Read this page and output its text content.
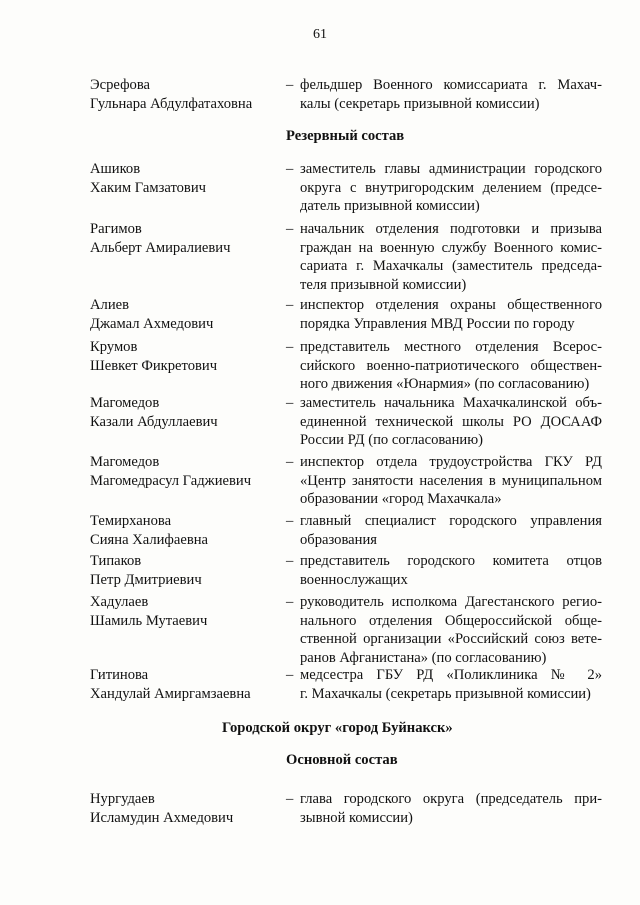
61
Резервный состав
Городской округ «город Буйнакск»
Основной состав
Эсрефова
Гульнара Абдулфатаховна
– фельдшер Военного комиссариата г. Махач-
калы (секретарь призывной комиссии)
Ашиков
Хаким Гамзатович
– заместитель главы администрации городского
округа с внутригородским делением (предсе-
датель призывной комиссии)
Рагимов
Альберт Амиралиевич
– начальник отделения подготовки и призыва
граждан на военную службу Военного комис-
сариата г. Махачкалы (заместитель председа-
теля призывной комиссии)
Алиев
Джамал Ахмедович
– инспектор отделения охраны общественного
порядка Управления МВД России по городу
Крумов
Шевкет Фикретович
– представитель местного отделения Всерос-
сийского военно-патриотического обществен-
ного движения «Юнармия» (по согласованию)
Магомедов
Казали Абдуллаевич
– заместитель начальника Махачкалинской объ-
единенной технической школы РО ДОСААФ
России РД (по согласованию)
Магомедов
Магомедрасул Гаджиевич
– инспектор отдела трудоустройства ГКУ РД
«Центр занятости населения в муниципальном
образовании «город Махачкала»
Темирханова
Сияна Халифаевна
– главный специалист городского управления
образования
Типаков
Петр Дмитриевич
– представитель городского комитета отцов
военнослужащих
Хадулаев
Шамиль Мутаевич
– руководитель исполкома Дагестанского регио-
нального отделения Общероссийской обще-
ственной организации «Российский союз вете-
ранов Афганистана» (по согласованию)
Гитинова
Хандулай Амиргамзаевна
– медсестра ГБУ РД «Поликлиника № 2»
г. Махачкалы (секретарь призывной комиссии)
Нургудаев
Исламудин Ахмедович
– глава городского округа (председатель при-
зывной комиссии)
